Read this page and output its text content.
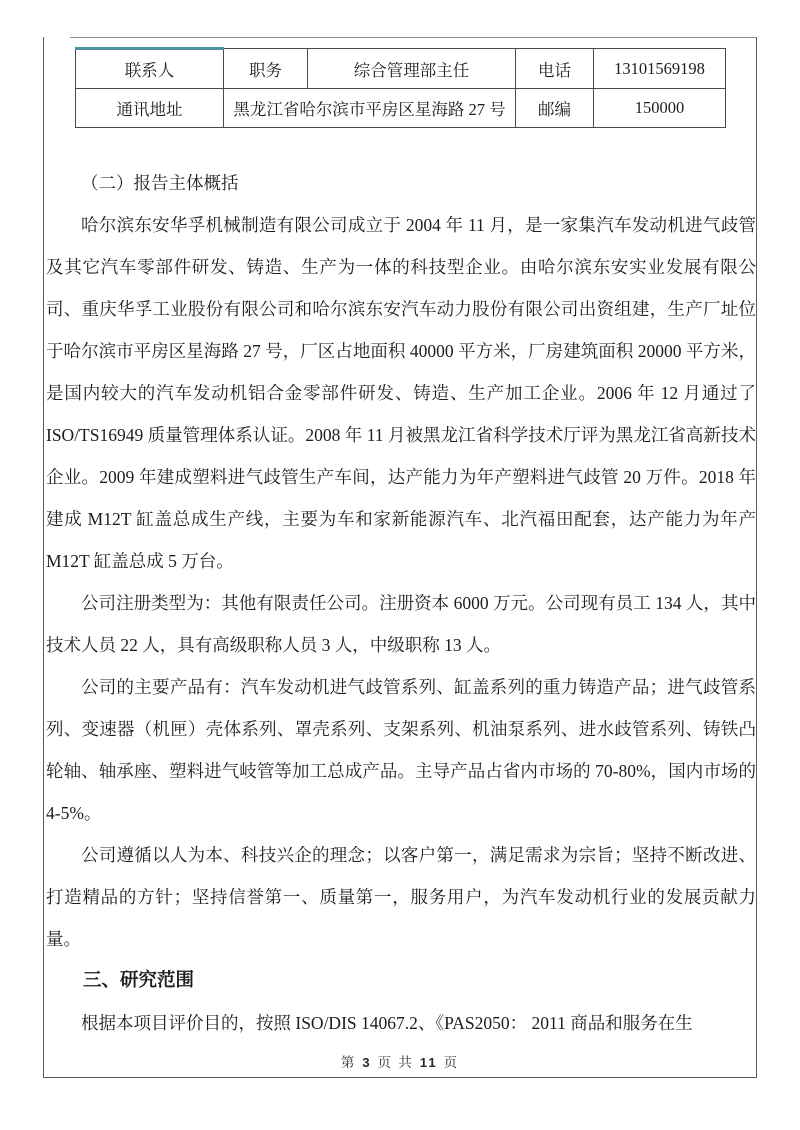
联系人	职务	综合管理部主任	电话	13101569198
通讯地址	黑龙江省哈尔滨市平房区星海路 27 号		邮编	150000

（二）报告主体概括

哈尔滨东安华孚机械制造有限公司成立于 2004 年 11 月，是一家集汽车发动机进气歧管及其它汽车零部件研发、铸造、生产为一体的科技型企业。由哈尔滨东安实业发展有限公司、重庆华孚工业股份有限公司和哈尔滨东安汽车动力股份有限公司出资组建，生产厂址位于哈尔滨市平房区星海路 27 号，厂区占地面积 40000 平方米，厂房建筑面积 20000 平方米，是国内较大的汽车发动机铝合金零部件研发、铸造、生产加工企业。2006 年 12 月通过了 ISO/TS16949 质量管理体系认证。2008 年 11 月被黑龙江省科学技术厅评为黑龙江省高新技术企业。2009 年建成塑料进气歧管生产车间，达产能力为年产塑料进气歧管 20 万件。2018 年建成 M12T 缸盖总成生产线，主要为车和家新能源汽车、北汽福田配套，达产能力为年产 M12T 缸盖总成 5 万台。

公司注册类型为：其他有限责任公司。注册资本 6000 万元。公司现有员工 134 人，其中技术人员 22 人，具有高级职称人员 3 人，中级职称 13 人。

公司的主要产品有：汽车发动机进气歧管系列、缸盖系列的重力铸造产品；进气歧管系列、变速器（机匣）壳体系列、罩壳系列、支架系列、机油泵系列、进水歧管系列、铸铁凸轮轴、轴承座、塑料进气岐管等加工总成产品。主导产品占省内市场的 70-80%，国内市场的 4-5%。

公司遵循以人为本、科技兴企的理念；以客户第一，满足需求为宗旨；坚持不断改进、打造精品的方针；坚持信誉第一、质量第一，服务用户，为汽车发动机行业的发展贡献力量。

三、研究范围

根据本项目评价目的，按照 ISO/DIS 14067.2、《PAS2050： 2011 商品和服务在生

第 3 页 共 11 页
